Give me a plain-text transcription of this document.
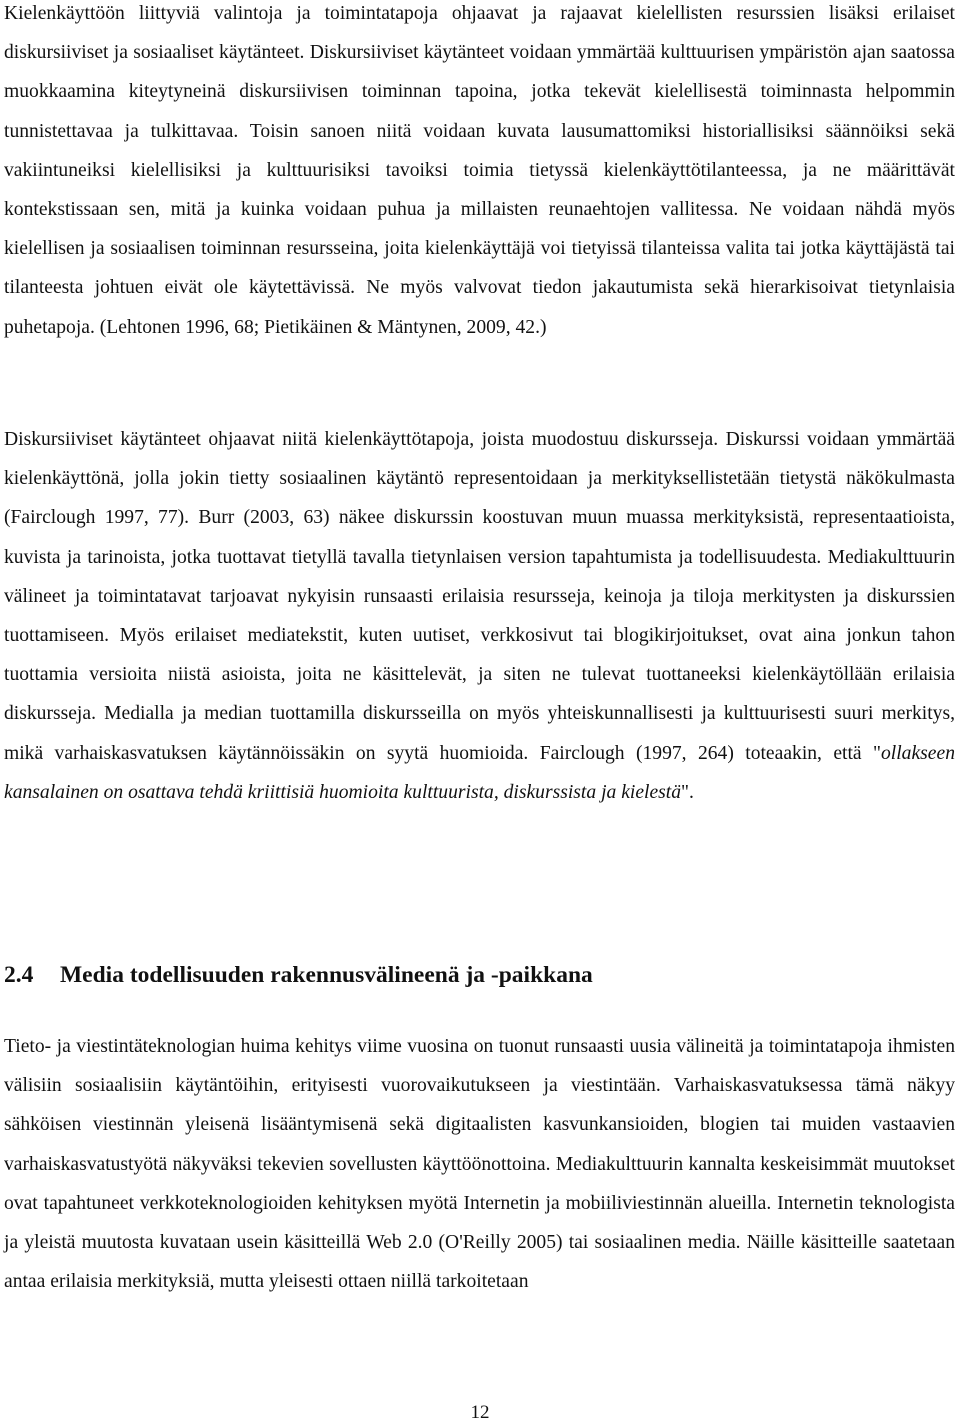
Kielenkäyttöön liittyviä valintoja ja toimintatapoja ohjaavat ja rajaavat kielellisten resurssien lisäksi erilaiset diskursiiviset ja sosiaaliset käytänteet. Diskursiiviset käytänteet voidaan ymmärtää kulttuurisen ympäristön ajan saatossa muokkaamina kiteytyneinä diskursiivisen toiminnan tapoina, jotka tekevät kielellisestä toiminnasta helpommin tunnistettavaa ja tulkittavaa. Toisin sanoen niitä voidaan kuvata lausumattomiksi historiallisiksi säännöiksi sekä vakiintuneiksi kielellisiksi ja kulttuurisiksi tavoiksi toimia tietyssä kielenkäyttötilanteessa, ja ne määrittävät kontekstissaan sen, mitä ja kuinka voidaan puhua ja millaisten reunaehtojen vallitessa. Ne voidaan nähdä myös kielellisen ja sosiaalisen toiminnan resursseina, joita kielenkäyttäjä voi tietyissä tilanteissa valita tai jotka käyttäjästä tai tilanteesta johtuen eivät ole käytettävissä. Ne myös valvovat tiedon jakautumista sekä hierarkisoivat tietynlaisia puhetapoja. (Lehtonen 1996, 68; Pietikäinen & Mäntynen, 2009, 42.)

Diskursiiviset käytänteet ohjaavat niitä kielenkäyttötapoja, joista muodostuu diskursseja. Diskurssi voidaan ymmärtää kielenkäyttönä, jolla jokin tietty sosiaalinen käytäntö representoidaan ja merkityksellistetään tietystä näkökulmasta (Fairclough 1997, 77). Burr (2003, 63) näkee diskurssin koostuvan muun muassa merkityksistä, representaatioista, kuvista ja tarinoista, jotka tuottavat tietyllä tavalla tietynlaisen version tapahtumista ja todellisuudesta. Mediakulttuurin välineet ja toimintatavat tarjoavat nykyisin runsaasti erilaisia resursseja, keinoja ja tiloja merkitysten ja diskurssien tuottamiseen. Myös erilaiset mediatekstit, kuten uutiset, verkkosivut tai blogikirjoitukset, ovat aina jonkun tahon tuottamia versioita niistä asioista, joita ne käsittelevät, ja siten ne tulevat tuottaneeksi kielenkäytöllään erilaisia diskursseja. Medialla ja median tuottamilla diskursseilla on myös yhteiskunnallisesti ja kulttuurisesti suuri merkitys, mikä varhaiskasvatuksen käytännöissäkin on syytä huomioida. Fairclough (1997, 264) toteaakin, että "ollakseen kansalainen on osattava tehdä kriittisiä huomioita kulttuurista, diskurssista ja kielestä".

2.4 Media todellisuuden rakennusvälineenä ja -paikkana

Tieto- ja viestintäteknologian huima kehitys viime vuosina on tuonut runsaasti uusia välineitä ja toimintatapoja ihmisten välisiin sosiaalisiin käytäntöihin, erityisesti vuorovaikutukseen ja viestintään. Varhaiskasvatuksessa tämä näkyy sähköisen viestinnän yleisenä lisääntymisenä sekä digitaalisten kasvunkansioiden, blogien tai muiden vastaavien varhaiskasvatustyötä näkyväksi tekevien sovellusten käyttöönottoina. Mediakulttuurin kannalta keskeisimmät muutokset ovat tapahtuneet verkkoteknologioiden kehityksen myötä Internetin ja mobiiliviestinnän alueilla. Internetin teknologista ja yleistä muutosta kuvataan usein käsitteillä Web 2.0 (O'Reilly 2005) tai sosiaalinen media. Näille käsitteille saatetaan antaa erilaisia merkityksiä, mutta yleisesti ottaen niillä tarkoitetaan

12
